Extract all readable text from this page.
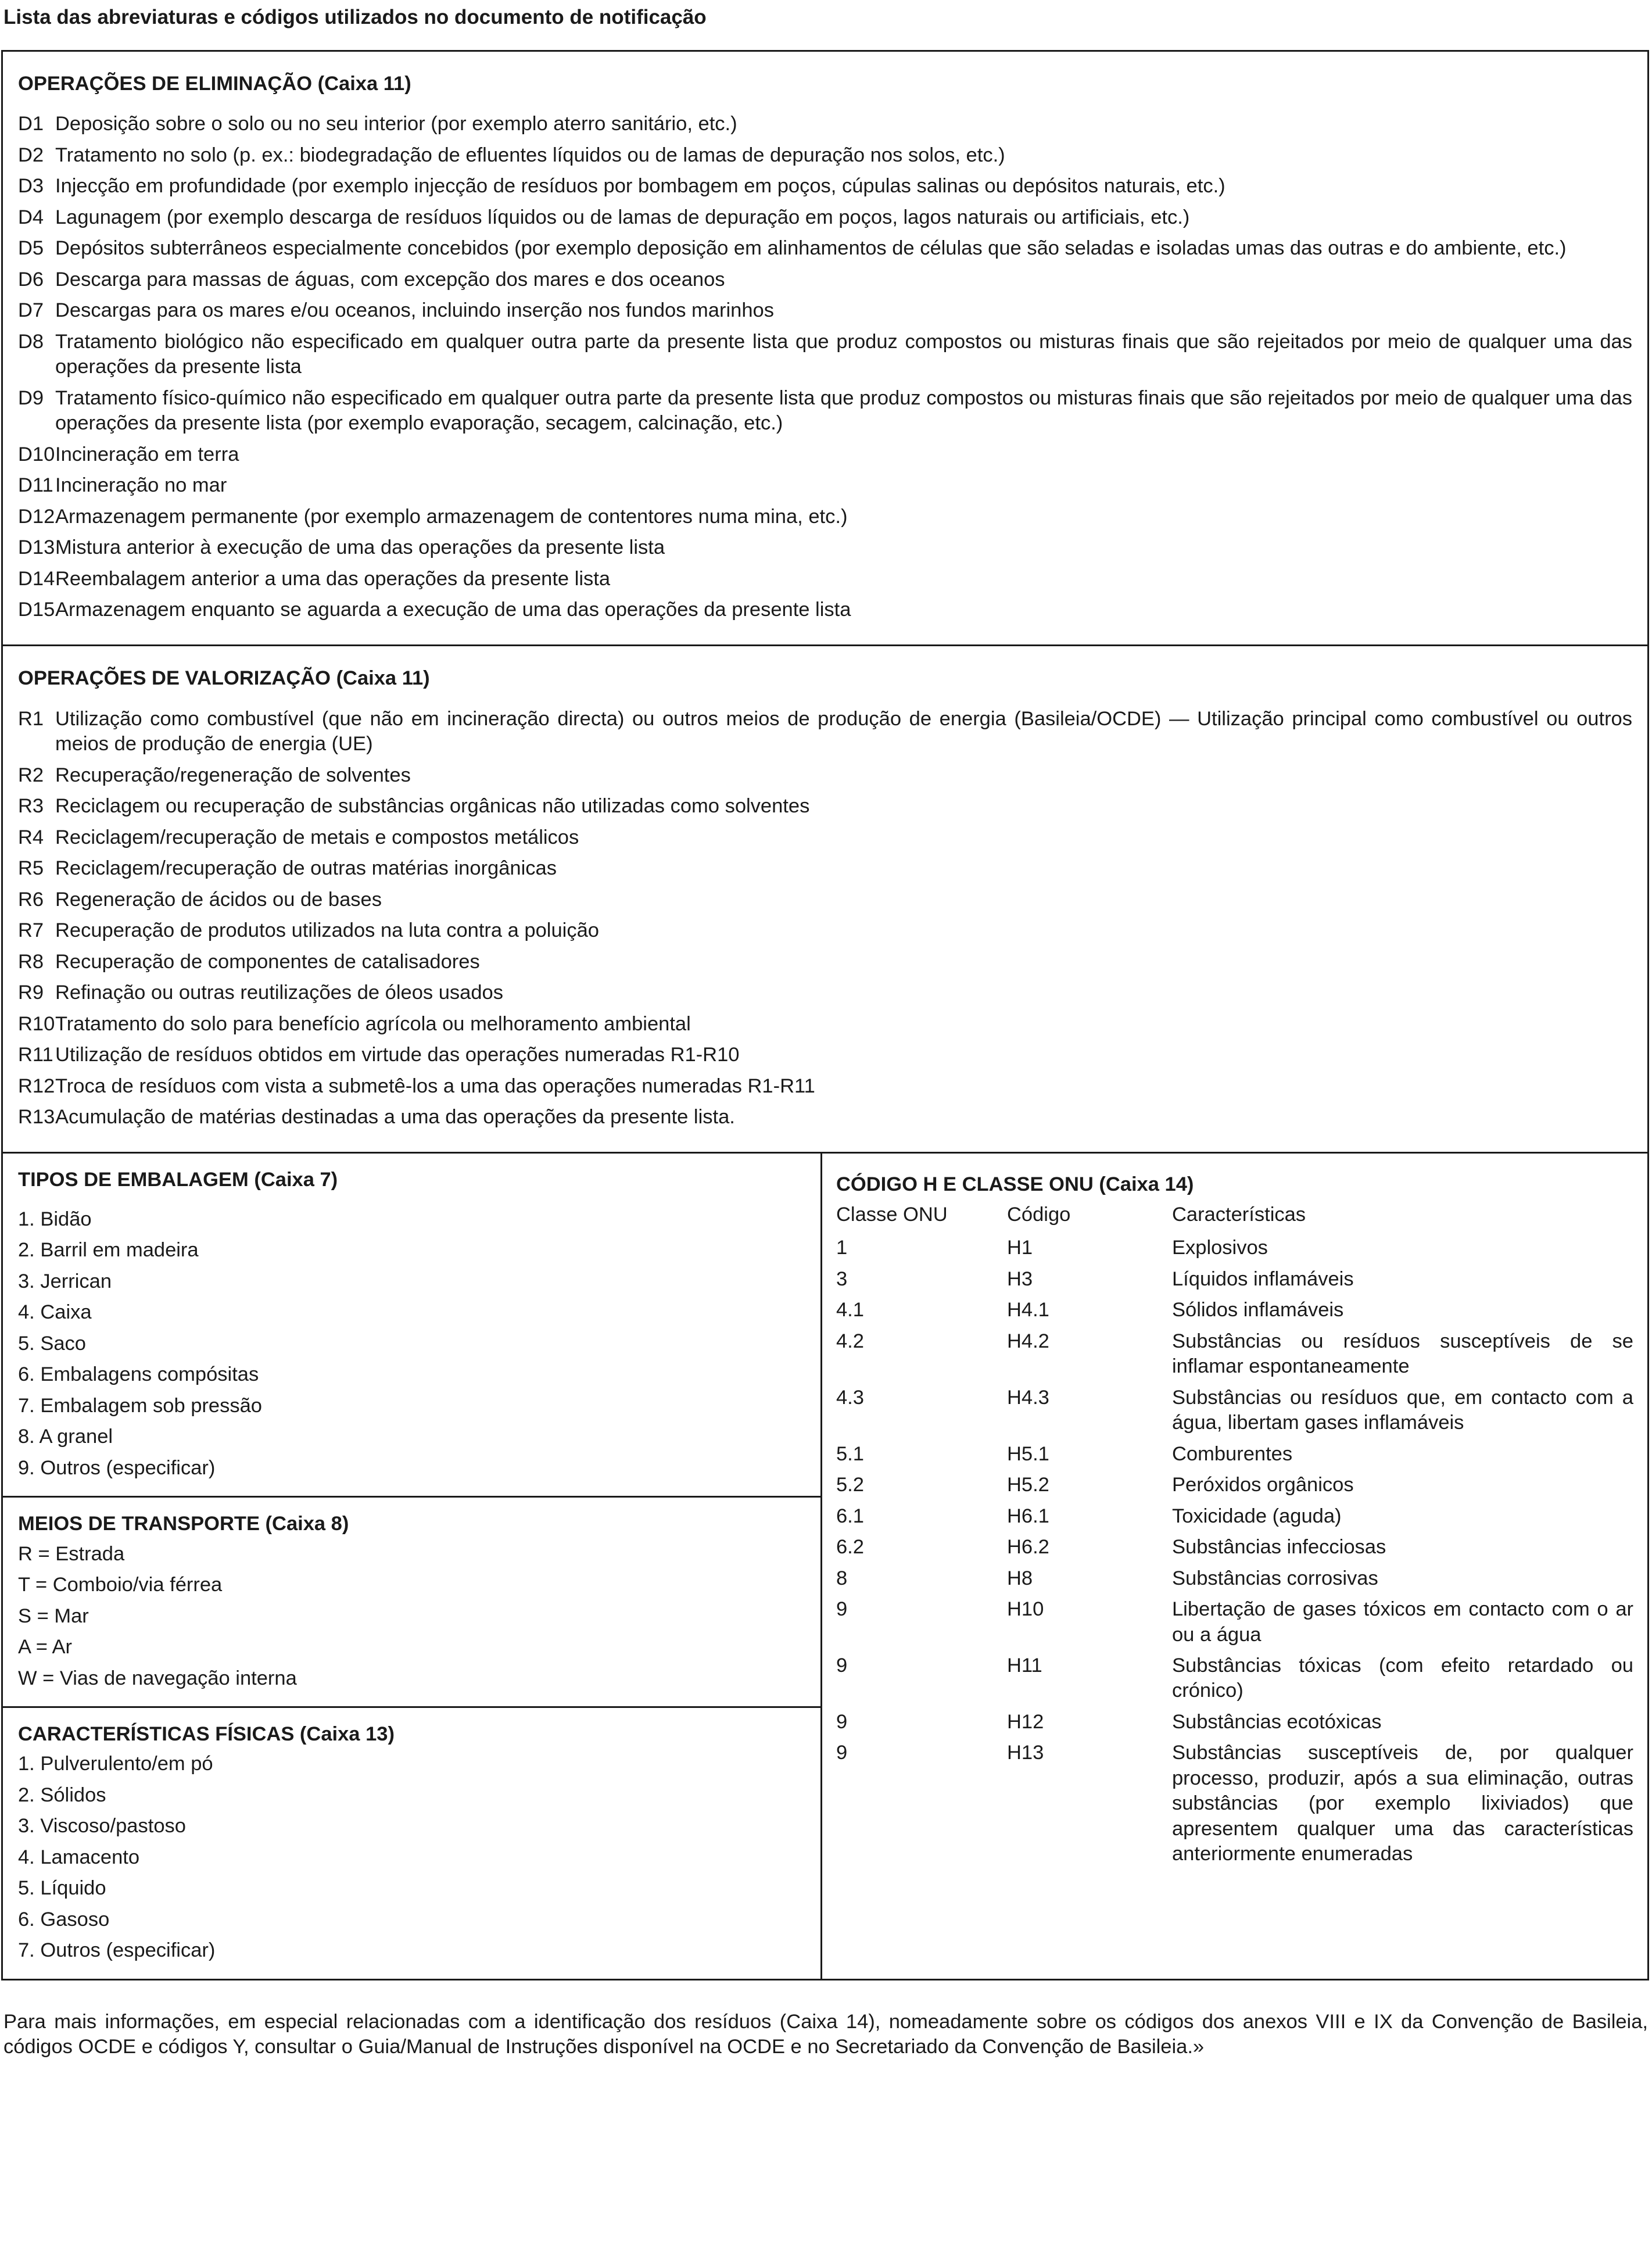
Lista das abreviaturas e códigos utilizados no documento de notificação
OPERAÇÕES DE ELIMINAÇÃO (Caixa 11)
D1 Deposição sobre o solo ou no seu interior (por exemplo aterro sanitário, etc.)
D2 Tratamento no solo (p. ex.: biodegradação de efluentes líquidos ou de lamas de depuração nos solos, etc.)
D3 Injecção em profundidade (por exemplo injecção de resíduos por bombagem em poços, cúpulas salinas ou depósitos naturais, etc.)
D4 Lagunagem (por exemplo descarga de resíduos líquidos ou de lamas de depuração em poços, lagos naturais ou artificiais, etc.)
D5 Depósitos subterrâneos especialmente concebidos (por exemplo deposição em alinhamentos de células que são seladas e isoladas umas das outras e do ambiente, etc.)
D6 Descarga para massas de águas, com excepção dos mares e dos oceanos
D7 Descargas para os mares e/ou oceanos, incluindo inserção nos fundos marinhos
D8 Tratamento biológico não especificado em qualquer outra parte da presente lista que produz compostos ou misturas finais que são rejeitados por meio de qualquer uma das operações da presente lista
D9 Tratamento físico-químico não especificado em qualquer outra parte da presente lista que produz compostos ou misturas finais que são rejeitados por meio de qualquer uma das operações da presente lista (por exemplo evaporação, secagem, calcinação, etc.)
D10 Incineração em terra
D11 Incineração no mar
D12 Armazenagem permanente (por exemplo armazenagem de contentores numa mina, etc.)
D13 Mistura anterior à execução de uma das operações da presente lista
D14 Reembalagem anterior a uma das operações da presente lista
D15 Armazenagem enquanto se aguarda a execução de uma das operações da presente lista
OPERAÇÕES DE VALORIZAÇÃO (Caixa 11)
R1 Utilização como combustível (que não em incineração directa) ou outros meios de produção de energia (Basileia/OCDE) — Utilização principal como combustível ou outros meios de produção de energia (UE)
R2 Recuperação/regeneração de solventes
R3 Reciclagem ou recuperação de substâncias orgânicas não utilizadas como solventes
R4 Reciclagem/recuperação de metais e compostos metálicos
R5 Reciclagem/recuperação de outras matérias inorgânicas
R6 Regeneração de ácidos ou de bases
R7 Recuperação de produtos utilizados na luta contra a poluição
R8 Recuperação de componentes de catalisadores
R9 Refinação ou outras reutilizações de óleos usados
R10 Tratamento do solo para benefício agrícola ou melhoramento ambiental
R11 Utilização de resíduos obtidos em virtude das operações numeradas R1-R10
R12 Troca de resíduos com vista a submetê-los a uma das operações numeradas R1-R11
R13 Acumulação de matérias destinadas a uma das operações da presente lista.
TIPOS DE EMBALAGEM (Caixa 7)
1. Bidão
2. Barril em madeira
3. Jerrican
4. Caixa
5. Saco
6. Embalagens compósitas
7. Embalagem sob pressão
8. A granel
9. Outros (especificar)
MEIOS DE TRANSPORTE (Caixa 8)
R = Estrada
T = Comboio/via férrea
S = Mar
A = Ar
W = Vias de navegação interna
CARACTERÍSTICAS FÍSICAS (Caixa 13)
1. Pulverulento/em pó
2. Sólidos
3. Viscoso/pastoso
4. Lamacento
5. Líquido
6. Gasoso
7. Outros (especificar)
CÓDIGO H E CLASSE ONU (Caixa 14)
Classe ONU	Código	Características
1	H1	Explosivos
3	H3	Líquidos inflamáveis
4.1	H4.1	Sólidos inflamáveis
4.2	H4.2	Substâncias ou resíduos susceptíveis de se inflamar espontaneamente
4.3	H4.3	Substâncias ou resíduos que, em contacto com a água, libertam gases inflamáveis
5.1	H5.1	Comburentes
5.2	H5.2	Peróxidos orgânicos
6.1	H6.1	Toxicidade (aguda)
6.2	H6.2	Substâncias infecciosas
8	H8	Substâncias corrosivas
9	H10	Libertação de gases tóxicos em contacto com o ar ou a água
9	H11	Substâncias tóxicas (com efeito retardado ou crónico)
9	H12	Substâncias ecotóxicas
9	H13	Substâncias susceptíveis de, por qualquer processo, produzir, após a sua eliminação, outras substâncias (por exemplo lixiviados) que apresentem qualquer uma das características anteriormente enumeradas
Para mais informações, em especial relacionadas com a identificação dos resíduos (Caixa 14), nomeadamente sobre os códigos dos anexos VIII e IX da Convenção de Basileia, códigos OCDE e códigos Y, consultar o Guia/Manual de Instruções disponível na OCDE e no Secretariado da Convenção de Basileia.»
